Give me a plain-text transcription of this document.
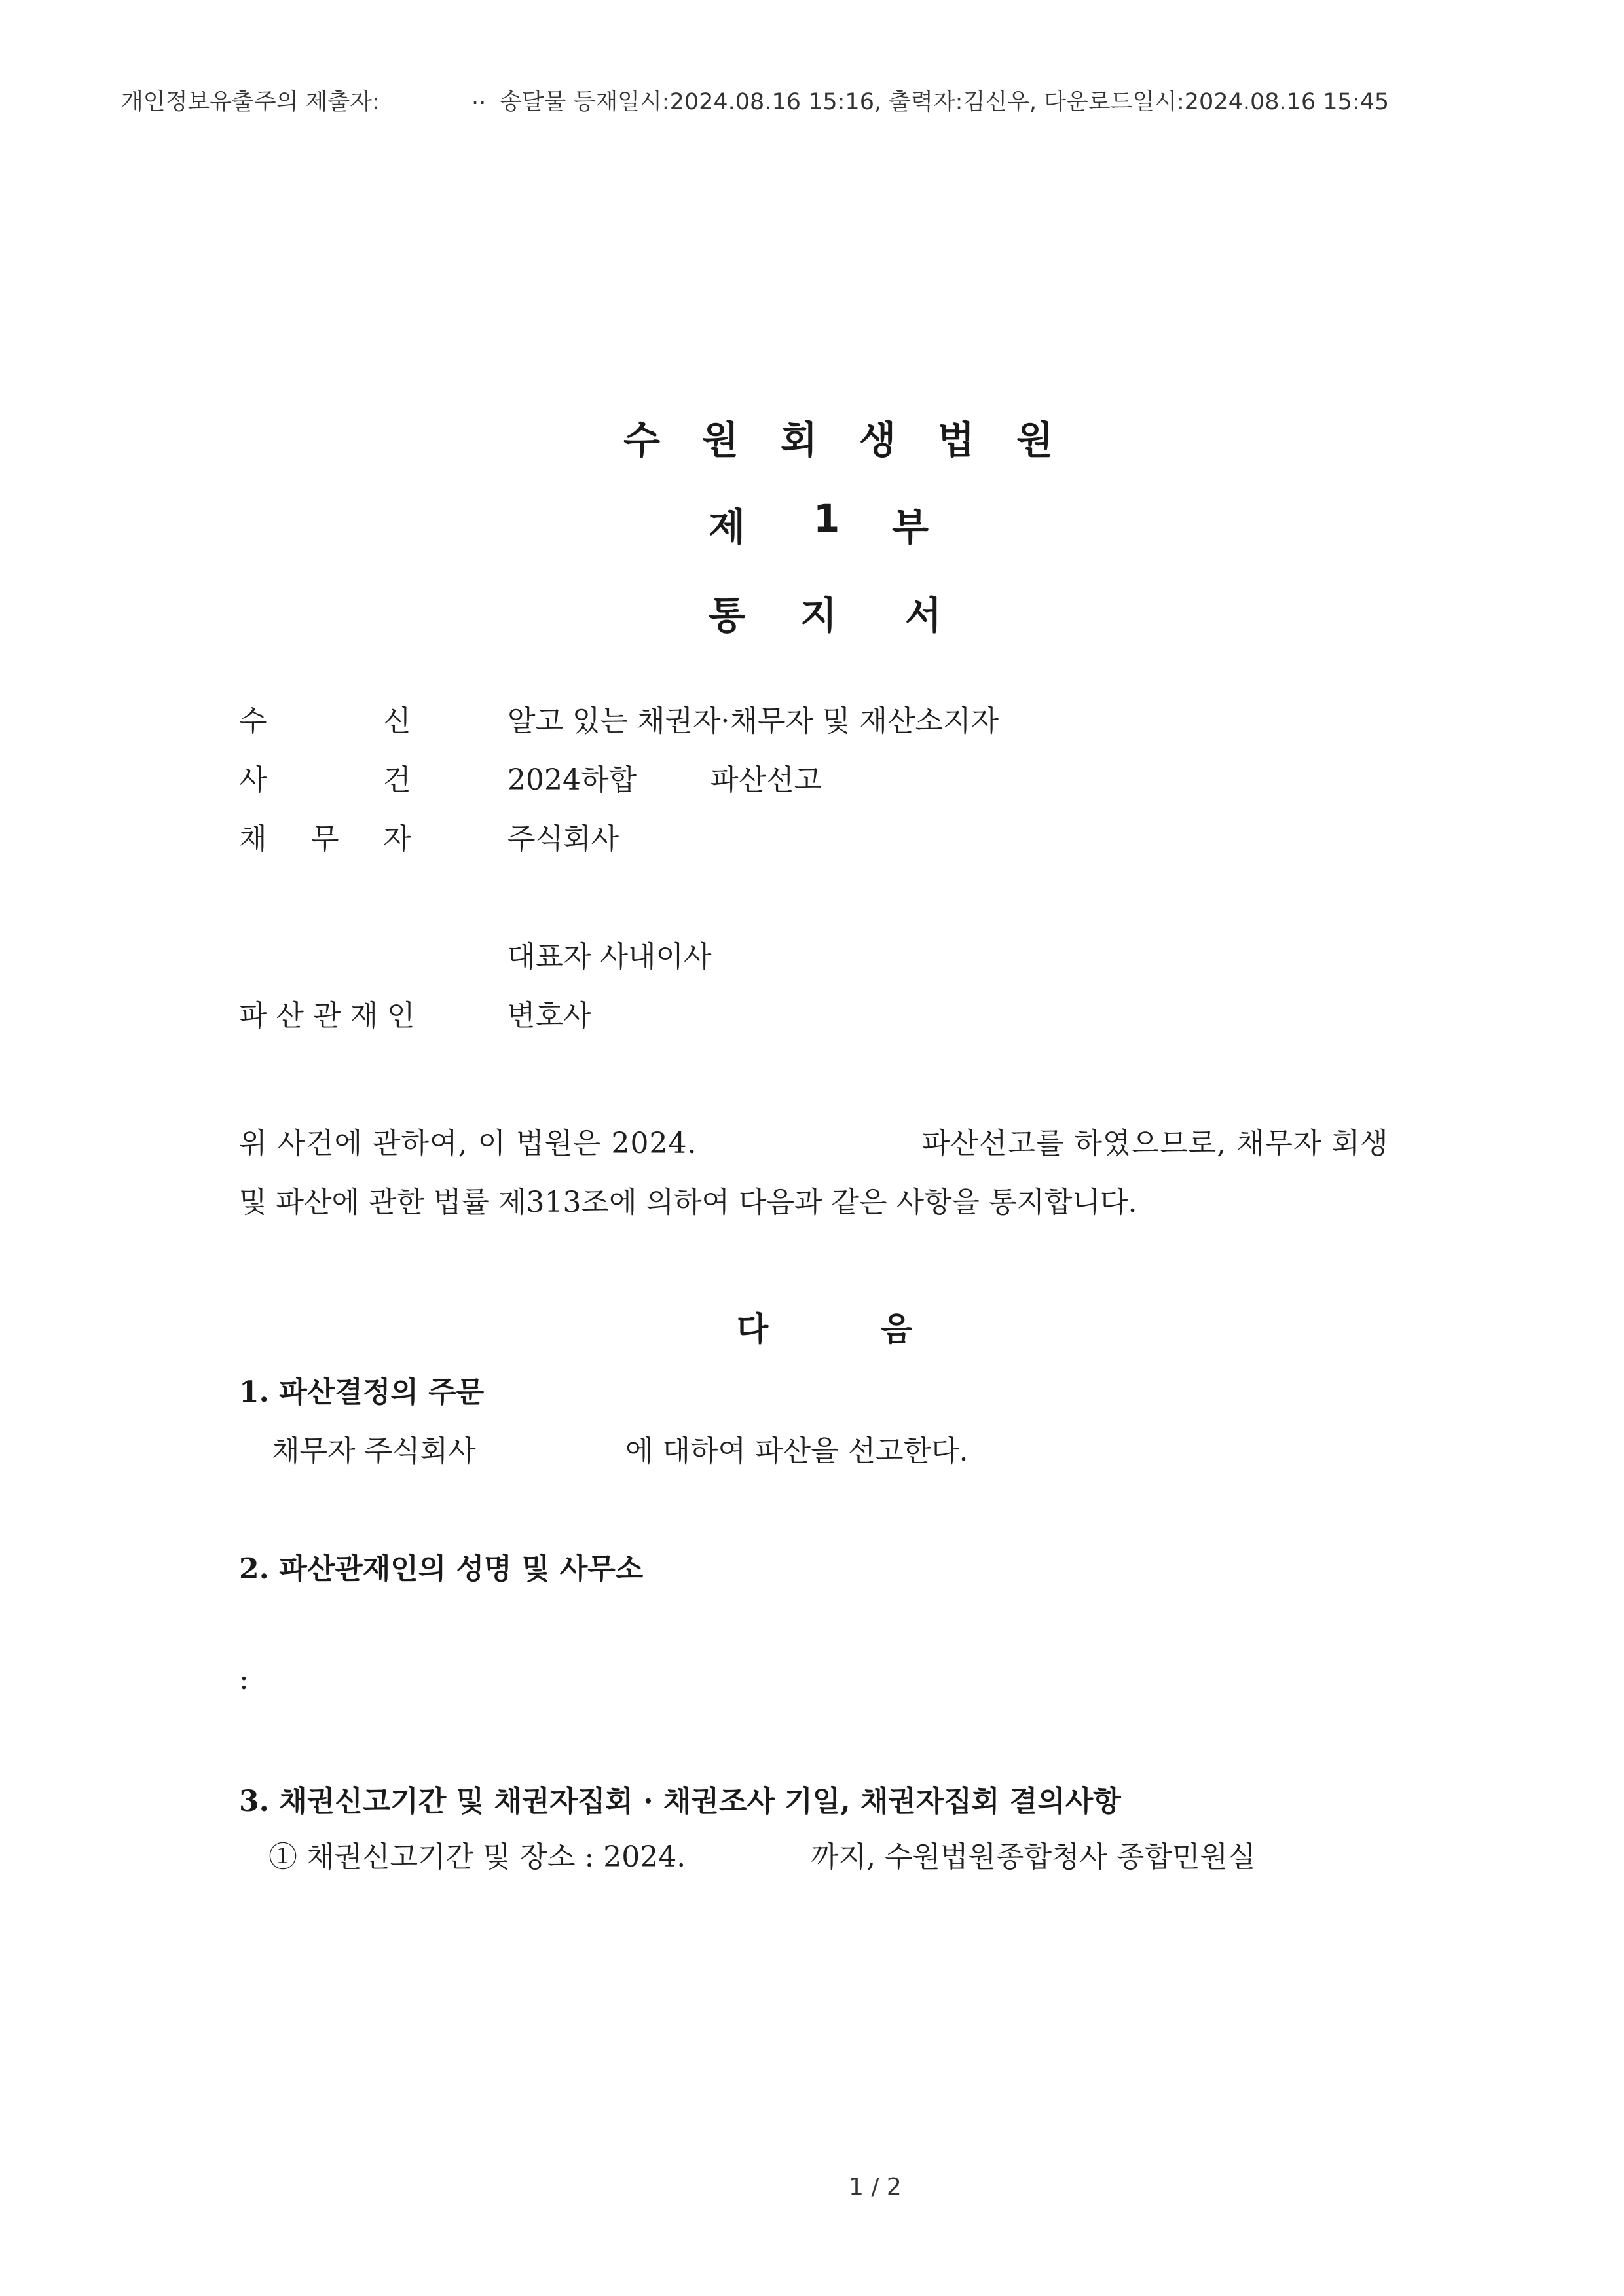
개인정보유출주의 제출자:

	..

송달물 등재일시:2024.08.16 15:16, 출력자:김신우, 다운로드일시:2024.08.16 15:45

수 원 회 생 법 원
제 1 부
통 지 서
수	신	알고 있는 채권자·채무자 및 재산소지자
사	건	2024하합	파산선고
채 무 자	주식회사
대표자 사내이사
파산관재인	변호사
위 사건에 관하여, 이 법원은 2024.	파산선고를 하였으므로, 채무자 회생
및 파산에 관한 법률 제313조에 의하여 다음과 같은 사항을 통지합니다.
다	음
1. 파산결정의 주문
채무자 주식회사	에 대하여 파산을 선고한다.
2. 파산관재인의 성명 및 사무소
:
3. 채권신고기간 및 채권자집회 · 채권조사 기일, 채권자집회 결의사항
① 채권신고기간 및 장소 : 2024.	까지, 수원법원종합청사 종합민원실
1 / 2
